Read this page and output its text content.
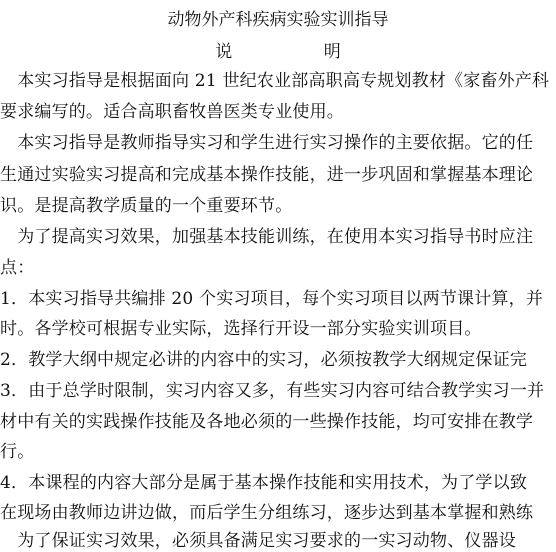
动物外产科疾病实验实训指导
说 明
　本实习指导是根据面向 21 世纪农业部高职高专规划教材《家畜外产科
要求编写的。适合高职畜牧兽医类专业使用。
　本实习指导是教师指导实习和学生进行实习操作的主要依据。它的任
生通过实验实习提高和完成基本操作技能，进一步巩固和掌握基本理论
识。是提高教学质量的一个重要环节。
　为了提高实习效果，加强基本技能训练，在使用本实习指导书时应注
点：
1．本实习指导共编排 20 个实习项目，每个实习项目以两节课计算，并
时。各学校可根据专业实际，选择行开设一部分实验实训项目。
2．教学大纲中规定必讲的内容中的实习，必须按教学大纲规定保证完
3．由于总学时限制，实习内容又多，有些实习内容可结合教学实习一并
材中有关的实践操作技能及各地必须的一些操作技能，均可安排在教学
行。
4．本课程的内容大部分是属于基本操作技能和实用技术，为了学以致
在现场由教师边讲边做，而后学生分组练习，逐步达到基本掌握和熟练
　为了保证实习效果，必须具备满足实习要求的一实习动物、仪器设
